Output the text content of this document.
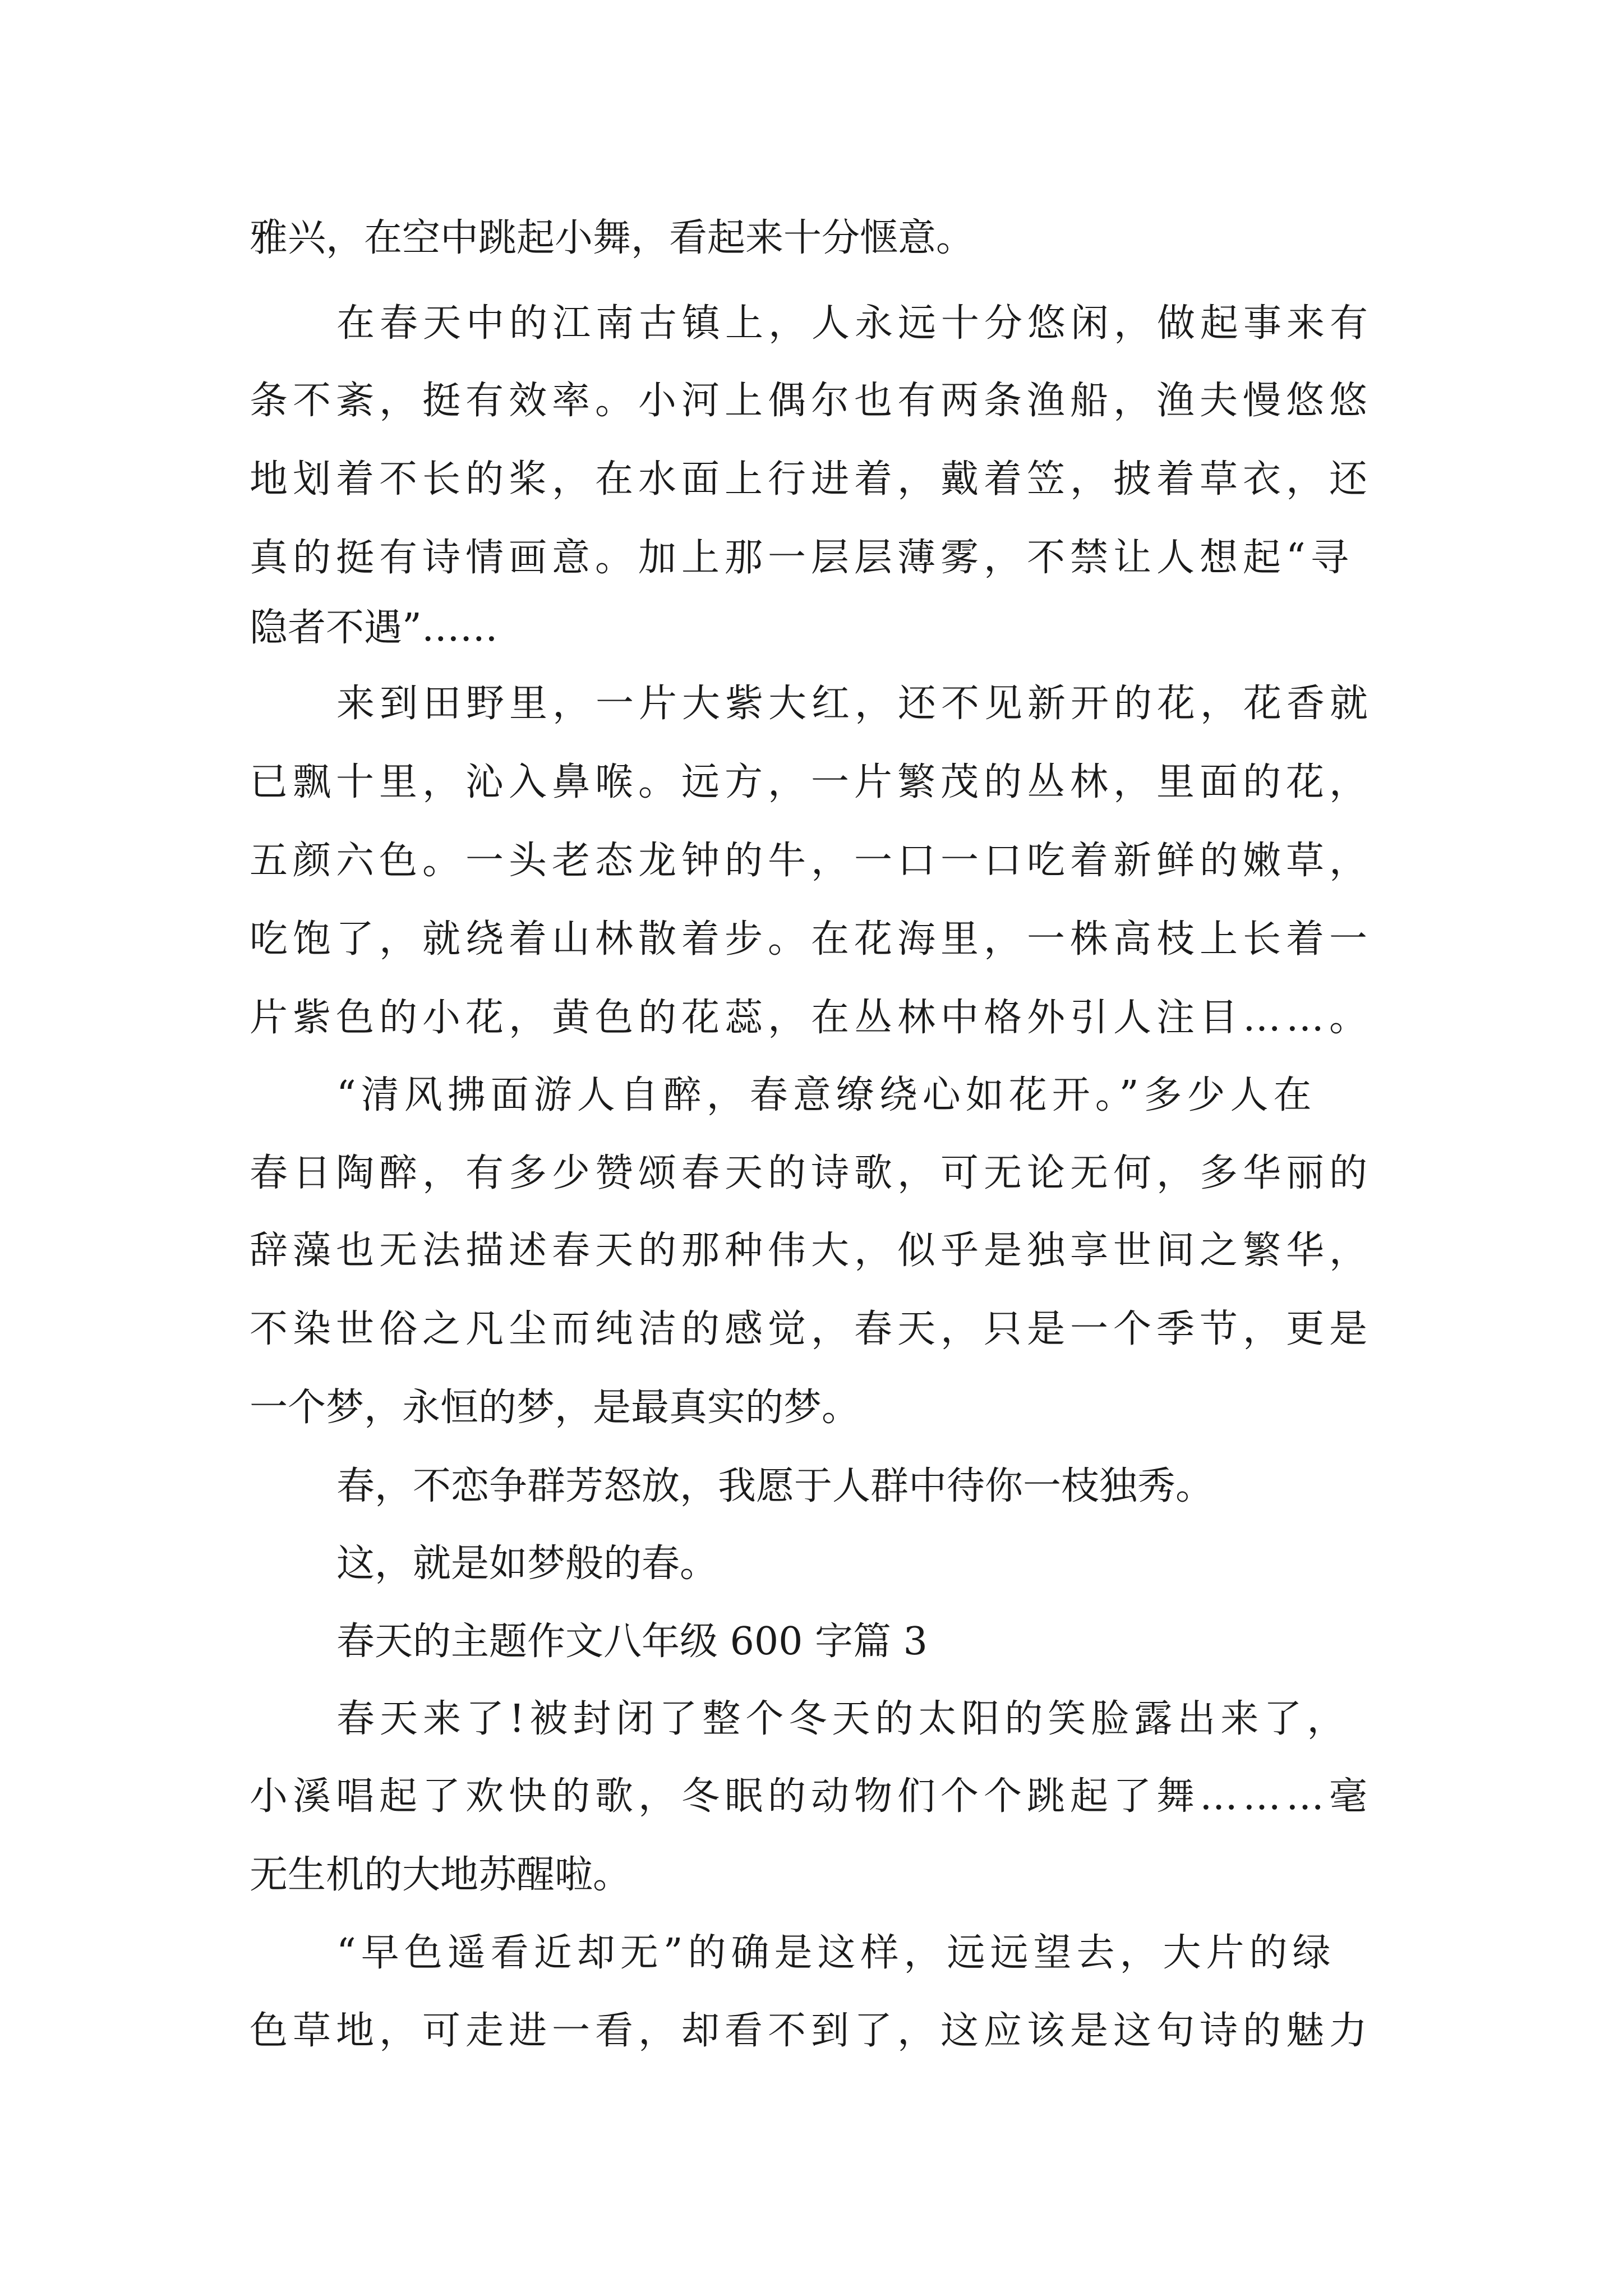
雅兴，在空中跳起小舞，看起来十分惬意。

在春天中的江南古镇上，人永远十分悠闲，做起事来有

条不紊，挺有效率。小河上偶尔也有两条渔船，渔夫慢悠悠

地划着不长的桨，在水面上行进着，戴着笠，披着草衣，还

真的挺有诗情画意。加上那一层层薄雾，不禁让人想起“寻

隐者不遇”……

来到田野里，一片大紫大红，还不见新开的花，花香就

已飘十里，沁入鼻喉。远方，一片繁茂的丛林，里面的花，

五颜六色。一头老态龙钟的牛，一口一口吃着新鲜的嫩草，

吃饱了，就绕着山林散着步。在花海里，一株高枝上长着一

片紫色的小花，黄色的花蕊，在丛林中格外引人注目……。

“清风拂面游人自醉，春意缭绕心如花开。”多少人在

春日陶醉，有多少赞颂春天的诗歌，可无论无何，多华丽的

辞藻也无法描述春天的那种伟大，似乎是独享世间之繁华，

不染世俗之凡尘而纯洁的感觉，春天，只是一个季节，更是

一个梦，永恒的梦，是最真实的梦。

春，不恋争群芳怒放，我愿于人群中待你一枝独秀。

这，就是如梦般的春。

春天的主题作文八年级 600 字篇 3

春天来了!被封闭了整个冬天的太阳的笑脸露出来了，

小溪唱起了欢快的歌，冬眠的动物们个个跳起了舞………毫

无生机的大地苏醒啦。

“早色遥看近却无”的确是这样，远远望去，大片的绿

色草地，可走进一看，却看不到了，这应该是这句诗的魅力
